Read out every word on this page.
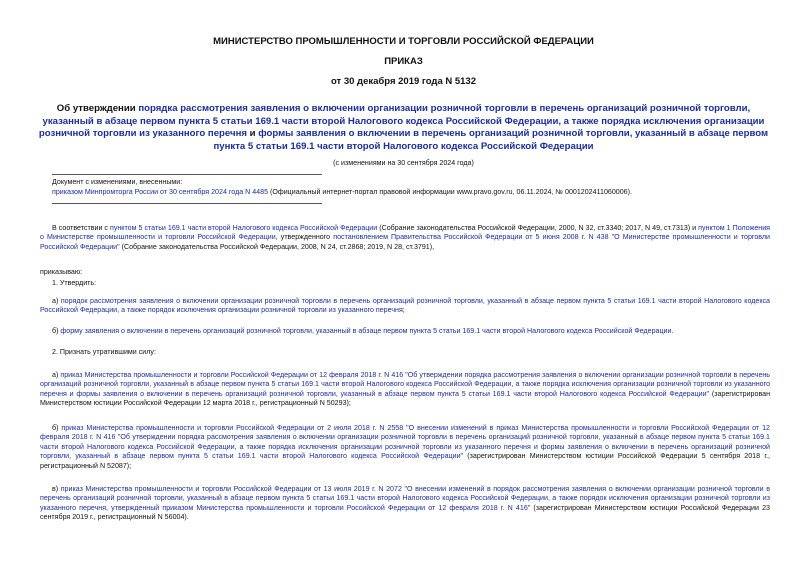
МИНИСТЕРСТВО ПРОМЫШЛЕННОСТИ И ТОРГОВЛИ РОССИЙСКОЙ ФЕДЕРАЦИИ
ПРИКАЗ
от 30 декабря 2019 года N 5132
Об утверждении порядка рассмотрения заявления о включении организации розничной торговли в перечень организаций розничной торговли, указанный в абзаце первом пункта 5 статьи 169.1 части второй Налогового кодекса Российской Федерации, а также порядка исключения организации розничной торговли из указанного перечня и формы заявления о включении в перечень организаций розничной торговли, указанный в абзаце первом пункта 5 статьи 169.1 части второй Налогового кодекса Российской Федерации
(с изменениями на 30 сентября 2024 года)
Документ с изменениями, внесенными:
приказом Минпромторга России от 30 сентября 2024 года N 4485 (Официальный интернет-портал правовой информации www.pravo.gov.ru, 06.11.2024, № 0001202411060006).
В соответствии с пунктом 5 статьи 169.1 части второй Налогового кодекса Российской Федерации (Собрание законодательства Российской Федерации, 2000, N 32, ст.3340; 2017, N 49, ст.7313) и пунктом 1 Положения о Министерстве промышленности и торговли Российской Федерации, утвержденного постановлением Правительства Российской Федерации от 5 июня 2008 г. N 438 "О Министерстве промышленности и торговли Российской Федерации" (Собрание законодательства Российской Федерации, 2008, N 24, ст.2868; 2019, N 28, ст.3791),
приказываю:
1. Утвердить:
а) порядок рассмотрения заявления о включении организации розничной торговли в перечень организаций розничной торговли, указанный в абзаце первом пункта 5 статьи 169.1 части второй Налогового кодекса Российской Федерации, а также порядок исключения организации розничной торговли из указанного перечня;
б) форму заявления о включении в перечень организаций розничной торговли, указанный в абзаце первом пункта 5 статьи 169.1 части второй Налогового кодекса Российской Федерации.
2. Признать утратившими силу:
а) приказ Министерства промышленности и торговли Российской Федерации от 12 февраля 2018 г. N 416 "Об утверждении порядка рассмотрения заявления о включении организации розничной торговли в перечень организаций розничной торговли, указанный в абзаце первом пункта 5 статьи 169.1 части второй Налогового кодекса Российской Федерации, а также порядка исключения организации розничной торговли из указанного перечня и формы заявления о включении в перечень организаций розничной торговли, указанный в абзаце первом пункта 5 статьи 169.1 части второй Налогового кодекса Российской Федерации" (зарегистрирован Министерством юстиции Российской Федерации 12 марта 2018 г., регистрационный N 50293);
б) приказ Министерства промышленности и торговли Российской Федерации от 2 июля 2018 г. N 2558 "О внесении изменений в приказ Министерства промышленности и торговли Российской Федерации от 12 февраля 2018 г. N 416 "Об утверждении порядка рассмотрения заявления о включении организации розничной торговли в перечень организаций розничной торговли, указанный в абзаце первом пункта 5 статьи 169.1 части второй Налогового кодекса Российской Федерации, а также порядка исключения организации розничной торговли из указанного перечня и формы заявления о включении в перечень организаций розничной торговли, указанный в абзаце первом пункта 5 статьи 169.1 части второй Налогового кодекса Российской Федерации" (зарегистрирован Министерством юстиции Российской Федерации 5 сентября 2018 г., регистрационный N 52087);
в) приказ Министерства промышленности и торговли Российской Федерации от 13 июля 2019 г. N 2072 "О внесении изменений в порядок рассмотрения заявления о включении организации розничной торговли в перечень организаций розничной торговли, указанный в абзаце первом пункта 5 статьи 169.1 части второй Налогового кодекса Российской Федерации, а также порядок исключения организации розничной торговли из указанного перечня, утвержденный приказом Министерства промышленности и торговли Российской Федерации от 12 февраля 2018 г. N 416" (зарегистрирован Министерством юстиции Российской Федерации 23 сентября 2019 г., регистрационный N 56004).
